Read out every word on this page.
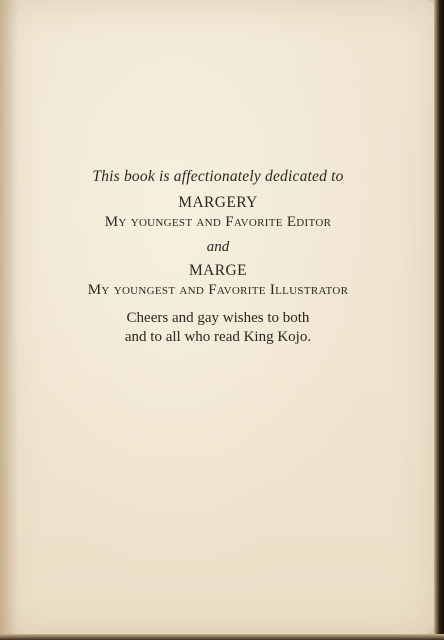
This book is affectionately dedicated to
MARGERY
My youngest and Favorite Editor
and
MARGE
My youngest and Favorite Illustrator
Cheers and gay wishes to both
and to all who read King Kojo.
